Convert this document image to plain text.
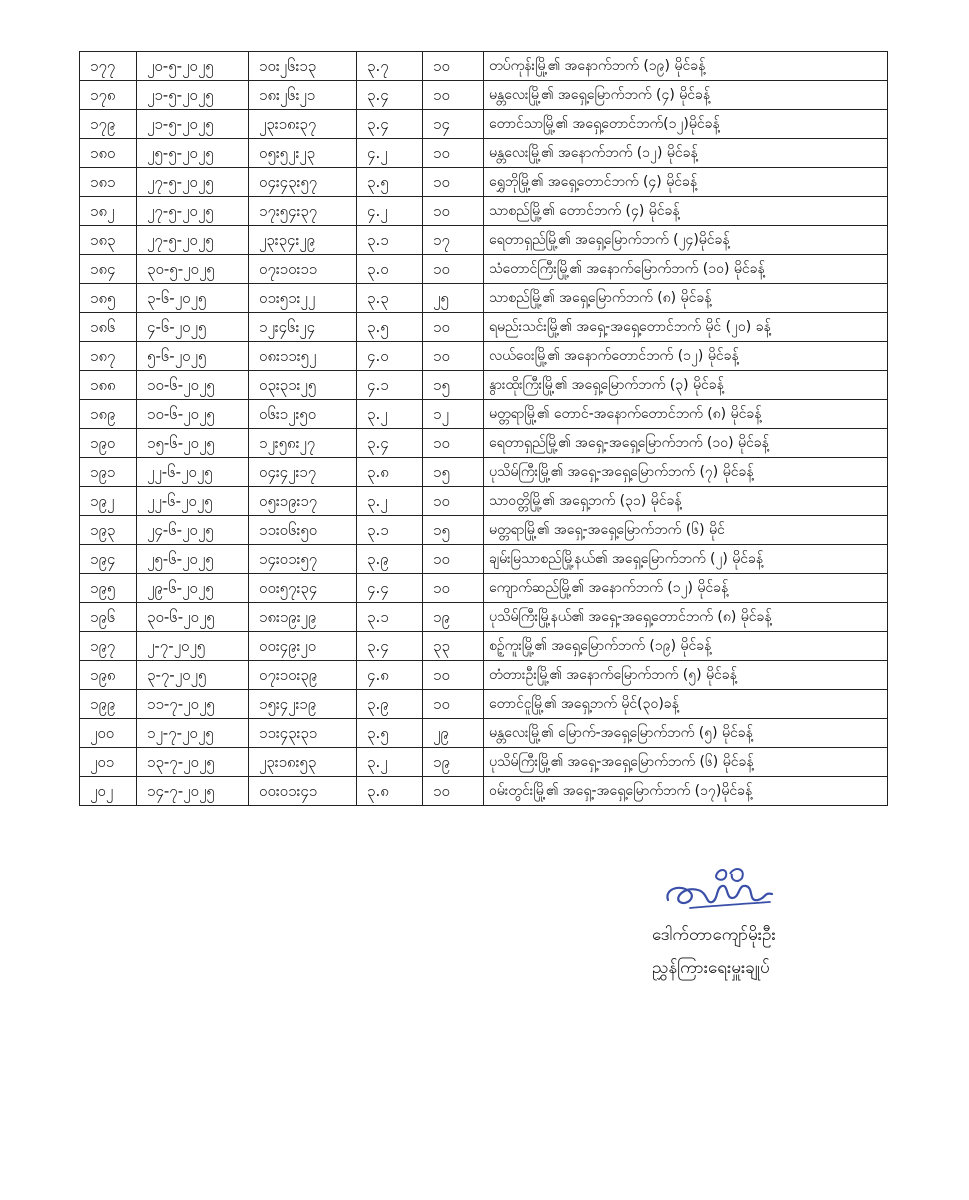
၁၇၇	၂၀-၅-၂၀၂၅	၁၀း၂၆း၁၃	၃.၇	၁၀	တပ်ကုန်းမြို့၏ အနောက်ဘက် (၁၉) မိုင်ခန့်
၁၇၈	၂၁-၅-၂၀၂၅	၁၈း၂၆း၂၁	၃.၄	၁၀	မန္တလေးမြို့၏ အရှေ့မြောက်ဘက် (၄) မိုင်ခန့်
၁၇၉	၂၁-၅-၂၀၂၅	၂၃း၁၈း၃၇	၃.၄	၁၄	တောင်သာမြို့၏ အရှေ့တောင်ဘက်(၁၂)မိုင်ခန့်
၁၈၀	၂၅-၅-၂၀၂၅	၀၅း၅၂း၂၃	၄.၂	၁၀	မန္တလေးမြို့၏ အနောက်ဘက် (၁၂) မိုင်ခန့်
၁၈၁	၂၇-၅-၂၀၂၅	၀၄း၄၃း၅၇	၃.၅	၁၀	ရွှေဘိုမြို့၏ အရှေ့တောင်ဘက် (၄) မိုင်ခန့်
၁၈၂	၂၇-၅-၂၀၂၅	၁၇း၅၄း၃၇	၄.၂	၁၀	သာစည်မြို့၏ တောင်ဘက် (၄) မိုင်ခန့်
၁၈၃	၂၇-၅-၂၀၂၅	၂၃း၃၄း၂၉	၃.၁	၁၇	ရေတာရှည်မြို့၏ အရှေ့မြောက်ဘက် (၂၄)မိုင်ခန့်
၁၈၄	၃၀-၅-၂၀၂၅	၀၇း၁၀း၁၁	၃.၀	၁၀	သံတောင်ကြီးမြို့၏ အနောက်မြောက်ဘက် (၁၀) မိုင်ခန့်
၁၈၅	၃-၆-၂၀၂၅	၀၁း၅၁း၂၂	၃.၃	၂၅	သာစည်မြို့၏ အရှေ့မြောက်ဘက် (၈) မိုင်ခန့်
၁၈၆	၄-၆-၂၀၂၅	၁၂း၄၆း၂၄	၃.၅	၁၀	ရမည်းသင်းမြို့၏ အရှေ့-အရှေ့တောင်ဘက် မိုင် (၂၀) ခန့်
၁၈၇	၅-၆-၂၀၂၅	၀၈း၁၁း၅၂	၄.၀	၁၀	လယ်ဝေးမြို့၏ အနောက်တောင်ဘက် (၁၂) မိုင်ခန့်
၁၈၈	၁၀-၆-၂၀၂၅	၀၃း၃၁း၂၅	၄.၁	၁၅	နွားထိုးကြီးမြို့၏ အရှေ့မြောက်ဘက် (၃) မိုင်ခန့်
၁၈၉	၁၀-၆-၂၀၂၅	၀၆း၁၂း၅၀	၃.၂	၁၂	မတ္တရာမြို့၏ တောင်-အနောက်တောင်ဘက် (၈) မိုင်ခန့်
၁၉၀	၁၅-၆-၂၀၂၅	၁၂း၅၈း၂၇	၃.၄	၁၀	ရေတာရှည်မြို့၏ အရှေ့-အရှေ့မြောက်ဘက် (၁၀) မိုင်ခန့်
၁၉၁	၂၂-၆-၂၀၂၅	၀၄း၄၂း၁၇	၃.၈	၁၅	ပုသိမ်ကြီးမြို့၏ အရှေ့-အရှေ့မြောက်ဘက် (၇) မိုင်ခန့်
၁၉၂	၂၂-၆-၂၀၂၅	၀၅း၁၉း၁၇	၃.၂	၁၀	သာဝတ္တိမြို့၏ အရှေ့ဘက် (၃၁) မိုင်ခန့်
၁၉၃	၂၄-၆-၂၀၂၅	၁၁း၀၆း၅၀	၃.၁	၁၅	မတ္တရာမြို့၏ အရှေ့-အရှေ့မြောက်ဘက် (၆) မိုင်
၁၉၄	၂၅-၆-၂၀၂၅	၁၄း၀၁း၅၇	၃.၉	၁၀	ချမ်းမြသာစည်မြို့နယ်၏ အရှေ့မြောက်ဘက် (၂) မိုင်ခန့်
၁၉၅	၂၉-၆-၂၀၂၅	၀၀း၅၇း၃၄	၄.၄	၁၀	ကျောက်ဆည်မြို့၏ အနောက်ဘက် (၁၂) မိုင်ခန့်
၁၉၆	၃၀-၆-၂၀၂၅	၁၈း၁၉း၂၉	၃.၁	၁၉	ပုသိမ်ကြီးမြို့နယ်၏ အရှေ့-အရှေ့တောင်ဘက် (၈) မိုင်ခန့်
၁၉၇	၂-၇-၂၀၂၅	၀၀း၄၉း၂၀	၃.၄	၃၃	စဥ့်ကူးမြို့၏ အရှေ့မြောက်ဘက် (၁၉) မိုင်ခန့်
၁၉၈	၃-၇-၂၀၂၅	၀၇း၁၀း၃၉	၄.၈	၁၀	တံတားဦးမြို့၏ အနောက်မြောက်ဘက် (၅) မိုင်ခန့်
၁၉၉	၁၁-၇-၂၀၂၅	၁၅း၄၂း၁၉	၃.၉	၁၀	တောင်ငူမြို့၏ အရှေ့ဘက် မိုင်(၃၀)ခန့်
၂၀၀	၁၂-၇-၂၀၂၅	၁၁း၄၃း၃၁	၃.၅	၂၉	မန္တလေးမြို့၏ မြောက်-အရှေ့မြောက်ဘက် (၅) မိုင်ခန့်
၂၀၁	၁၃-၇-၂၀၂၅	၂၃း၁၈း၅၃	၃.၂	၁၉	ပုသိမ်ကြီးမြို့၏ အရှေ့-အရှေ့မြောက်ဘက် (၆) မိုင်ခန့်
၂၀၂	၁၄-၇-၂၀၂၅	၀၀း၀၁း၄၁	၃.၈	၁၀	ဝမ်းတွင်းမြို့၏ အရှေ့-အရှေ့မြောက်ဘက် (၁၇)မိုင်ခန့်
ဒေါက်တာကျော်မိုးဦး
ညွှန်ကြားရေးမှူးချုပ်
